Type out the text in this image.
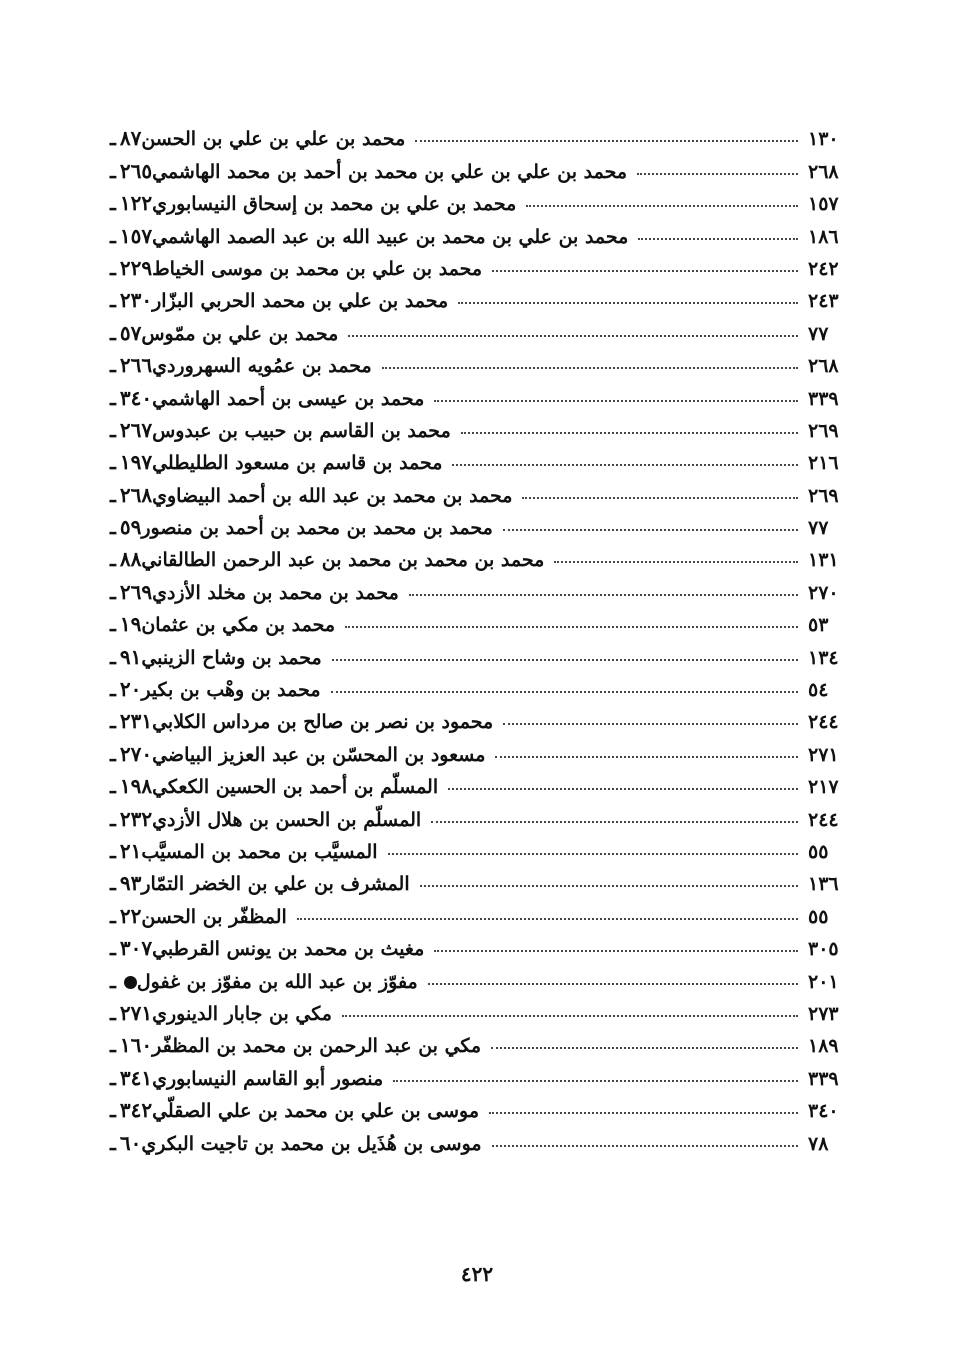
٨٧ـ	محمد بن علي بن علي بن الحسن	١٣٠
٢٦٥ـ	محمد بن علي بن علي بن محمد بن أحمد بن محمد الهاشمي	٢٦٨
١٢٢ـ	محمد بن علي بن محمد بن إسحاق النيسابوري	١٥٧
١٥٧ـ	محمد بن علي بن محمد بن عبيد الله بن عبد الصمد الهاشمي	١٨٦
٢٢٩ـ	محمد بن علي بن محمد بن موسى الخياط	٢٤٢
٢٣٠ـ	محمد بن علي بن محمد الحربي البزّار	٢٤٣
٥٧ـ	محمد بن علي بن ممّوس	٧٧
٢٦٦ـ	محمد بن عمُويه السهروردي	٢٦٨
٣٤٠ـ	محمد بن عيسى بن أحمد الهاشمي	٣٣٩
٢٦٧ـ	محمد بن القاسم بن حبيب بن عبدوس	٢٦٩
١٩٧ـ	محمد بن قاسم بن مسعود الطليطلي	٢١٦
٢٦٨ـ	محمد بن محمد بن عبد الله بن أحمد البيضاوي	٢٦٩
٥٩ـ	محمد بن محمد بن محمد بن أحمد بن منصور	٧٧
٨٨ـ	محمد بن محمد بن محمد بن عبد الرحمن الطالقاني	١٣١
٢٦٩ـ	محمد بن محمد بن مخلد الأزدي	٢٧٠
١٩ـ	محمد بن مكي بن عثمان	٥٣
٩١ـ	محمد بن وشاح الزينبي	١٣٤
٢٠ـ	محمد بن وهْب بن بكير	٥٤
٢٣١ـ	محمود بن نصر بن صالح بن مرداس الكلابي	٢٤٤
٢٧٠ـ	مسعود بن المحسّن بن عبد العزيز البياضي	٢٧١
١٩٨ـ	المسلّم بن أحمد بن الحسين الكعكي	٢١٧
٢٣٢ـ	المسلّم بن الحسن بن هلال الأزدي	٢٤٤
٢١ـ	المسيَّب بن محمد بن المسيَّب	٥٥
٩٣ـ	المشرف بن علي بن الخضر التمّار	١٣٦
٢٢ـ	المظفّر بن الحسن	٥٥
٣٠٧ـ	مغيث بن محمد بن يونس القرطبي	٣٠٥
ـ	مفوّز بن عبد الله بن مفوّز بن غفول	٢٠١
٢٧١ـ	مكي بن جابار الدينوري	٢٧٣
١٦٠ـ	مكي بن عبد الرحمن بن محمد بن المظفّر	١٨٩
٣٤١ـ	منصور أبو القاسم النيسابوري	٣٣٩
٣٤٢ـ	موسى بن علي بن محمد بن علي الصقلّي	٣٤٠
٦٠ـ	موسى بن هُذَيل بن محمد بن تاجيت البكري	٧٨
٤٢٢
